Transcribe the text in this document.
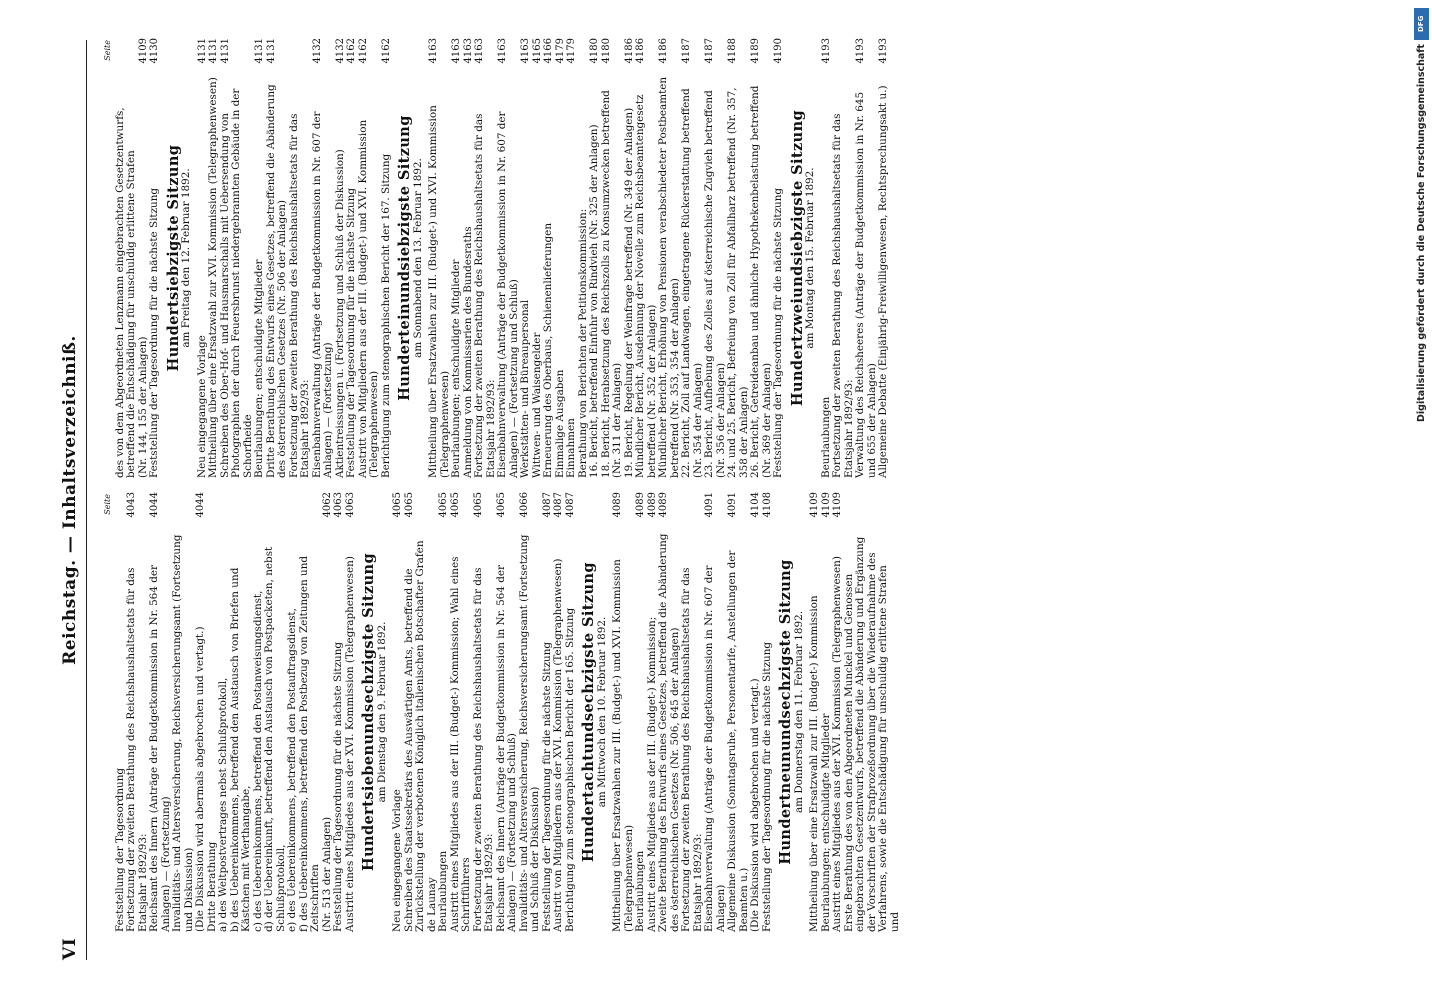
VI
Reichstag. — Inhaltsverzeichniß.	Seite
Feststellung der Tagesordnung Fortsetzung der zweiten Berathung des Reichshaushaltsetats für das Etatsjahr 1892/93:
4043
Reichsamt des Innern (Anträge der Budgetkommission in Nr. 564 der Anlagen) — (Fortsetzung)
4044
Invaliditäts- und Altersversicherung, Reichsversicherungsamt (Fortsetzung und Diskussion) (Die Diskussion wird abermals abgebrochen und vertagt.)
4044
Dritte Berathung a) des Weltpostvertrages nebst Schlußprotokoll, b) des Uebereinkommens, betreffend den Austausch von Briefen und Kästchen mit Werthangabe, c) des Uebereinkommens, betreffend den Postanweisungsdienst, d) der Uebereinkunft, betreffend den Austausch von Postpacketen, nebst Schlußprotokoll, e) des Uebereinkommens, betreffend den Postauftragsdienst, f) des Uebereinkommens, betreffend den Postbezug von Zeitungen und Zeitschriften (Nr. 513 der Anlagen)
4062
Feststellung der Tagesordnung für die nächste Sitzung
4063
Austritt eines Mitgliedes aus der XVI. Kommission (Telegraphenwesen)
4063
Hundertsiebenundsechzigste Sitzung
am Dienstag den 9. Februar 1892.
Neu eingegangene Vorlage
4065
Schreiben des Staatssekretärs des Auswärtigen Amts, betreffend die Zurückstellung der verbotenen Königlich italienischen Botschafter Grafen de Launay
4065
Beurlaubungen
4065
Austritt eines Mitgliedes aus der III. (Budget-) Kommission; Wahl eines Schriftführers
4065
Fortsetzung der zweiten Berathung des Reichshaushaltsetats für das Etatsjahr 1892/93:
4065
Reichsamt des Innern (Anträge der Budgetkommission in Nr. 564 der Anlagen) — (Fortsetzung und Schluß)
4065
Invaliditäts- und Altersversicherung, Reichsversicherungsamt (Fortsetzung und Schluß der Diskussion)
4066
Feststellung der Tagesordnung für die nächste Sitzung
4087
Austritt von Mitgliedern aus der XVI. Kommission (Telegraphenwesen)
4087
Berichtigung zum stenographischen Bericht der 165. Sitzung
4087
Hundertachtundsechzigste Sitzung
am Mittwoch den 10. Februar 1892. Mittheilung über Ersatzwahlen zur III. (Budget-) und XVI. Kommission (Telegraphenwesen)
4089
Beurlaubungen
4089
Austritt eines Mitgliedes aus der III. (Budget-) Kommission;
4089
Zweite Berathung des Entwurfs eines Gesetzes, betreffend die Abänderung des österreichischen Gesetzes (Nr. 506, 645 der Anlagen)
4089
Fortsetzung der zweiten Berathung des Reichshaushaltsetats für das Etatsjahr 1892/93: Eisenbahnverwaltung (Anträge der Budgetkommission in Nr. 607 der Anlagen)
4091
Allgemeine Diskussion (Sonntagsruhe, Personentarife, Anstellungen der Beamten u.)
4091
(Die Diskussion wird abgebrochen und vertagt.)
4104
Feststellung der Tagesordnung für die nächste Sitzung
4108
Hundertneunundsechzigste Sitzung
am Donnerstag den 11. Februar 1892. Mittheilung über eine Ersatzwahl zur III. (Budget-) Kommission
4109
Beurlaubungen; entschuldigte Mitglieder
4109
Austritt eines Mitgliedes aus der XVI. Kommission (Telegraphenwesen)
4109
Erste Berathung des von den Abgeordneten Munckel und Genossen eingebrachten Gesetzentwurfs, betreffend die Abänderung und Ergänzung der Vorschriften der Strafprozeßordnung über die Wiederaufnahme des Verfahrens, sowie die Entschädigung für unschuldig erlittene Strafen und
Seite
des von dem Abgeordneten Lenzmann eingebrachten Gesetzentwurfs, betreffend die Entschädigung für unschuldig erlittene Strafen (Nr. 144, 155 der Anlagen)
4109
Feststellung der Tagesordnung für die nächste Sitzung
4130
Hundertsiebzigste Sitzung
am Freitag den 12. Februar 1892.
Neu eingegangene Vorlage
4131
Mittheilung über eine Ersatzwahl zur XVI. Kommission (Telegraphenwesen)
4131
Schreiben des Ober-Hof- und Hausmarschalls mit Uebersendung von Photographien der durch Feuersbrunst niedergebrannten Gebäude in der Schorfheide
4131
Beurlaubungen; entschuldigte Mitglieder
4131
Dritte Berathung des Entwurfs eines Gesetzes, betreffend die Abänderung des österreichischen Gesetzes (Nr. 506 der Anlagen)
4131
Fortsetzung der zweiten Berathung des Reichshaushaltsetats für das Etatsjahr 1892/93: Eisenbahnverwaltung (Anträge der Budgetkommission in Nr. 607 der Anlagen) — (Fortsetzung)
4132
Aktientreissungen u. (Fortsetzung und Schluß der Diskussion)
4132
Feststellung der Tagesordnung für die nächste Sitzung
4162
Austritt von Mitgliedern aus der III. (Budget-) und XVI. Kommission (Telegraphenwesen)
4162
Berichtigung zum stenographischen Bericht der 167. Sitzung
4162
Hunderteinundsiebzigste Sitzung
am Sonnabend den 13. Februar 1892. Mittheilung über Ersatzwahlen zur III. (Budget-) und XVI. Kommission (Telegraphenwesen)
4163
Beurlaubungen; entschuldigte Mitglieder
4163
Anmeldung von Kommissarien des Bundesraths
4163
Fortsetzung der zweiten Berathung des Reichshaushaltsetats für das Etatsjahr 1892/93:
4163
Eisenbahnverwaltung (Anträge der Budgetkommission in Nr. 607 der Anlagen) — (Fortsetzung und Schluß)
4163
Werkstätten- und Büreaupersonal
4163
Wittwen- und Waisengelder
4165
Erneuerung des Oberbaus, Schienenlieferungen
4166
Einmalige Ausgaben
4179
Einnahmen
4179
Berathung von Berichten der Petitionskommission: 16. Bericht, betreffend Einfuhr von Rindvieh (Nr. 325 der Anlagen)
4180
18. Bericht, Herabsetzung des Reichszolls zu Konsumzwecken betreffend (Nr. 311 der Anlagen)
4180
19. Bericht, Regelung der Weinfrage betreffend (Nr. 349 der Anlagen)
4186
Mündlicher Bericht, Ausdehnung der Novelle zum Reichsbeamtengesetz betreffend (Nr. 352 der Anlagen)
4186
Mündlicher Bericht, Erhöhung von Pensionen verabschiedeter Postbeamten betreffend (Nr. 353, 354 der Anlagen)
4186
22. Bericht, Zoll auf Landwagen, eingetragene Rückerstattung betreffend (Nr. 354 der Anlagen)
4187
23. Bericht, Aufhebung des Zolles auf österreichische Zugvieh betreffend (Nr. 356 der Anlagen)
4187
24. und 25. Bericht, Befreiung von Zoll für Abfallharz betreffend (Nr. 357, 358 der Anlagen)
4188
26. Bericht, Getreideanbau und ähnliche Hypothekenbelastung betreffend (Nr. 369 der Anlagen)
4189
Feststellung der Tagesordnung für die nächste Sitzung
4190
Hundertzweiundsiebzigste Sitzung
am Montag den 15. Februar 1892.
Beurlaubungen
4193
Fortsetzung der zweiten Berathung des Reichshaushaltsetats für das Etatsjahr 1892/93: Verwaltung des Reichsheeres (Anträge der Budgetkommission in Nr. 645 und 655 der Anlagen)
4193
Allgemeine Debatte (Einjährig-Freiwilligenwesen, Rechtsprechungsakt u.)
4193
DFG
Digitalisierung gefördert durch die Deutsche Forschungsgemeinschaft
